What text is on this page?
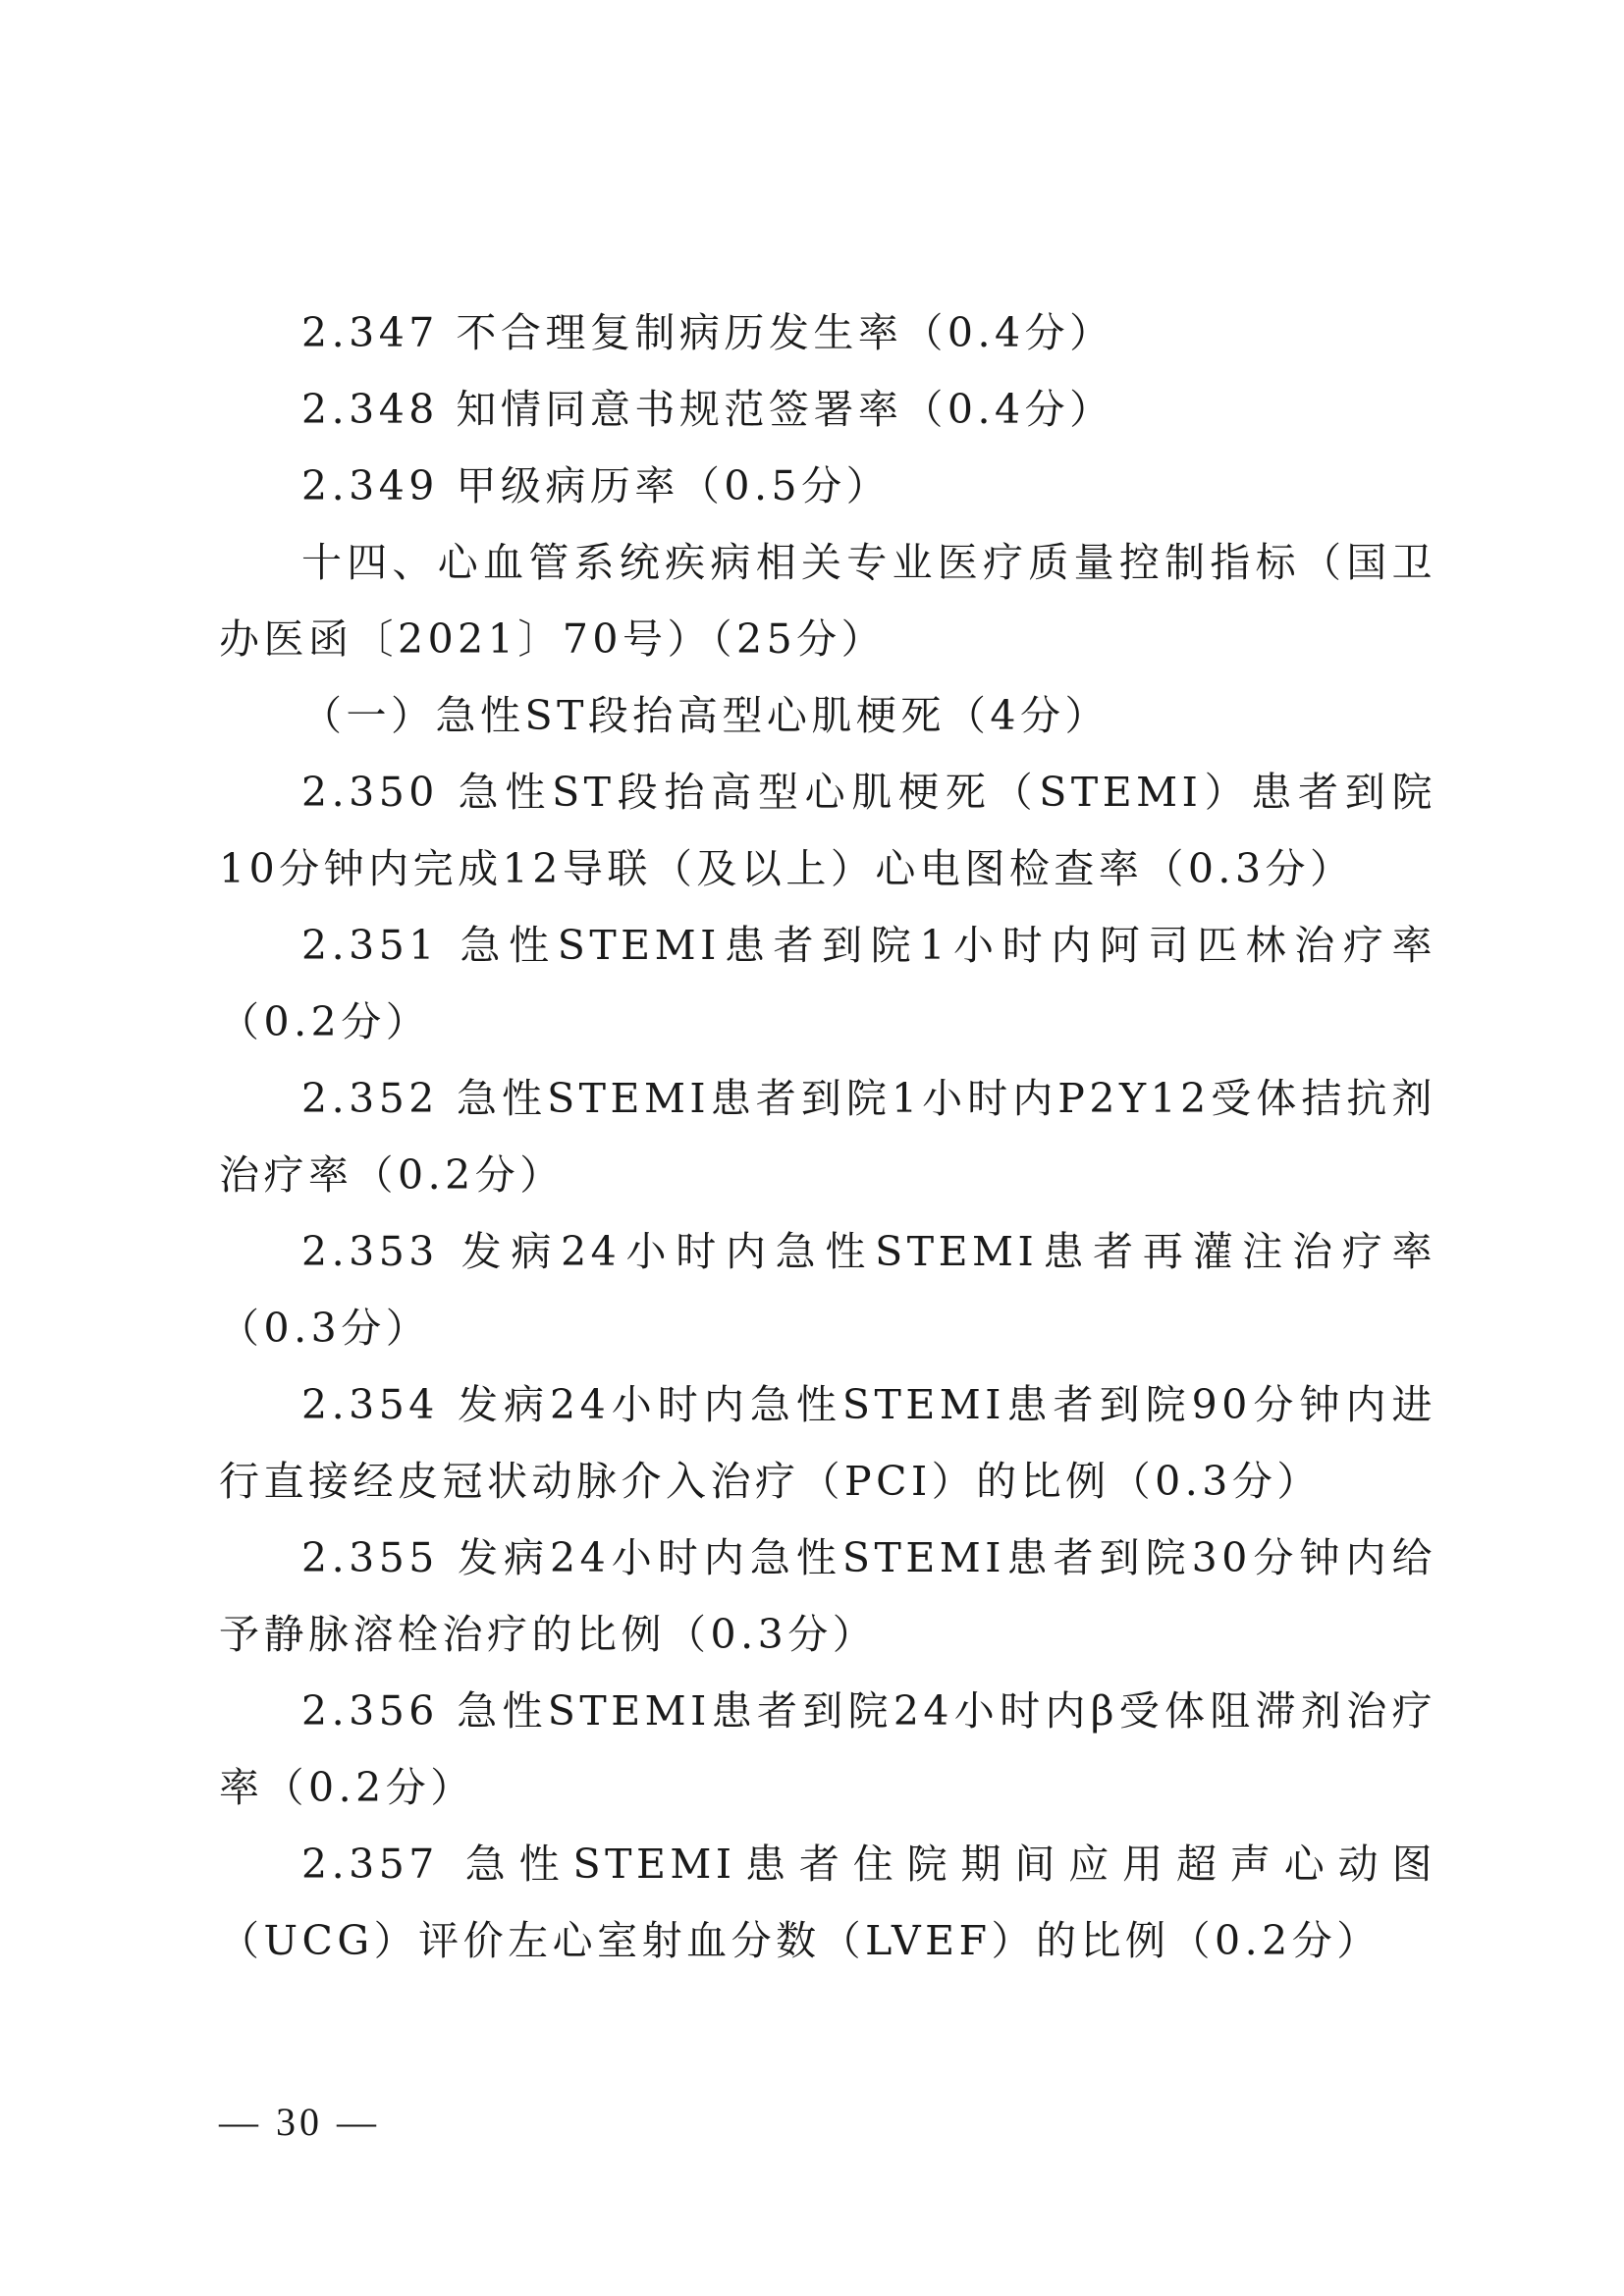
2.347 不合理复制病历发生率（0.4分）

2.348 知情同意书规范签署率（0.4分）

2.349 甲级病历率（0.5分）

十四、心血管系统疾病相关专业医疗质量控制指标（国卫办医函〔2021〕70号）（25分）

（一）急性ST段抬高型心肌梗死（4分）

2.350 急性ST段抬高型心肌梗死（STEMI）患者到院10分钟内完成12导联（及以上）心电图检查率（0.3分）

2.351 急性STEMI患者到院1小时内阿司匹林治疗率（0.2分）

2.352 急性STEMI患者到院1小时内P2Y12受体拮抗剂治疗率（0.2分）

2.353 发病24小时内急性STEMI患者再灌注治疗率（0.3分）

2.354 发病24小时内急性STEMI患者到院90分钟内进行直接经皮冠状动脉介入治疗（PCI）的比例（0.3分）

2.355 发病24小时内急性STEMI患者到院30分钟内给予静脉溶栓治疗的比例（0.3分）

2.356 急性STEMI患者到院24小时内β受体阻滞剂治疗率（0.2分）

2.357 急性STEMI患者住院期间应用超声心动图（UCG）评价左心室射血分数（LVEF）的比例（0.2分）

— 30 —
